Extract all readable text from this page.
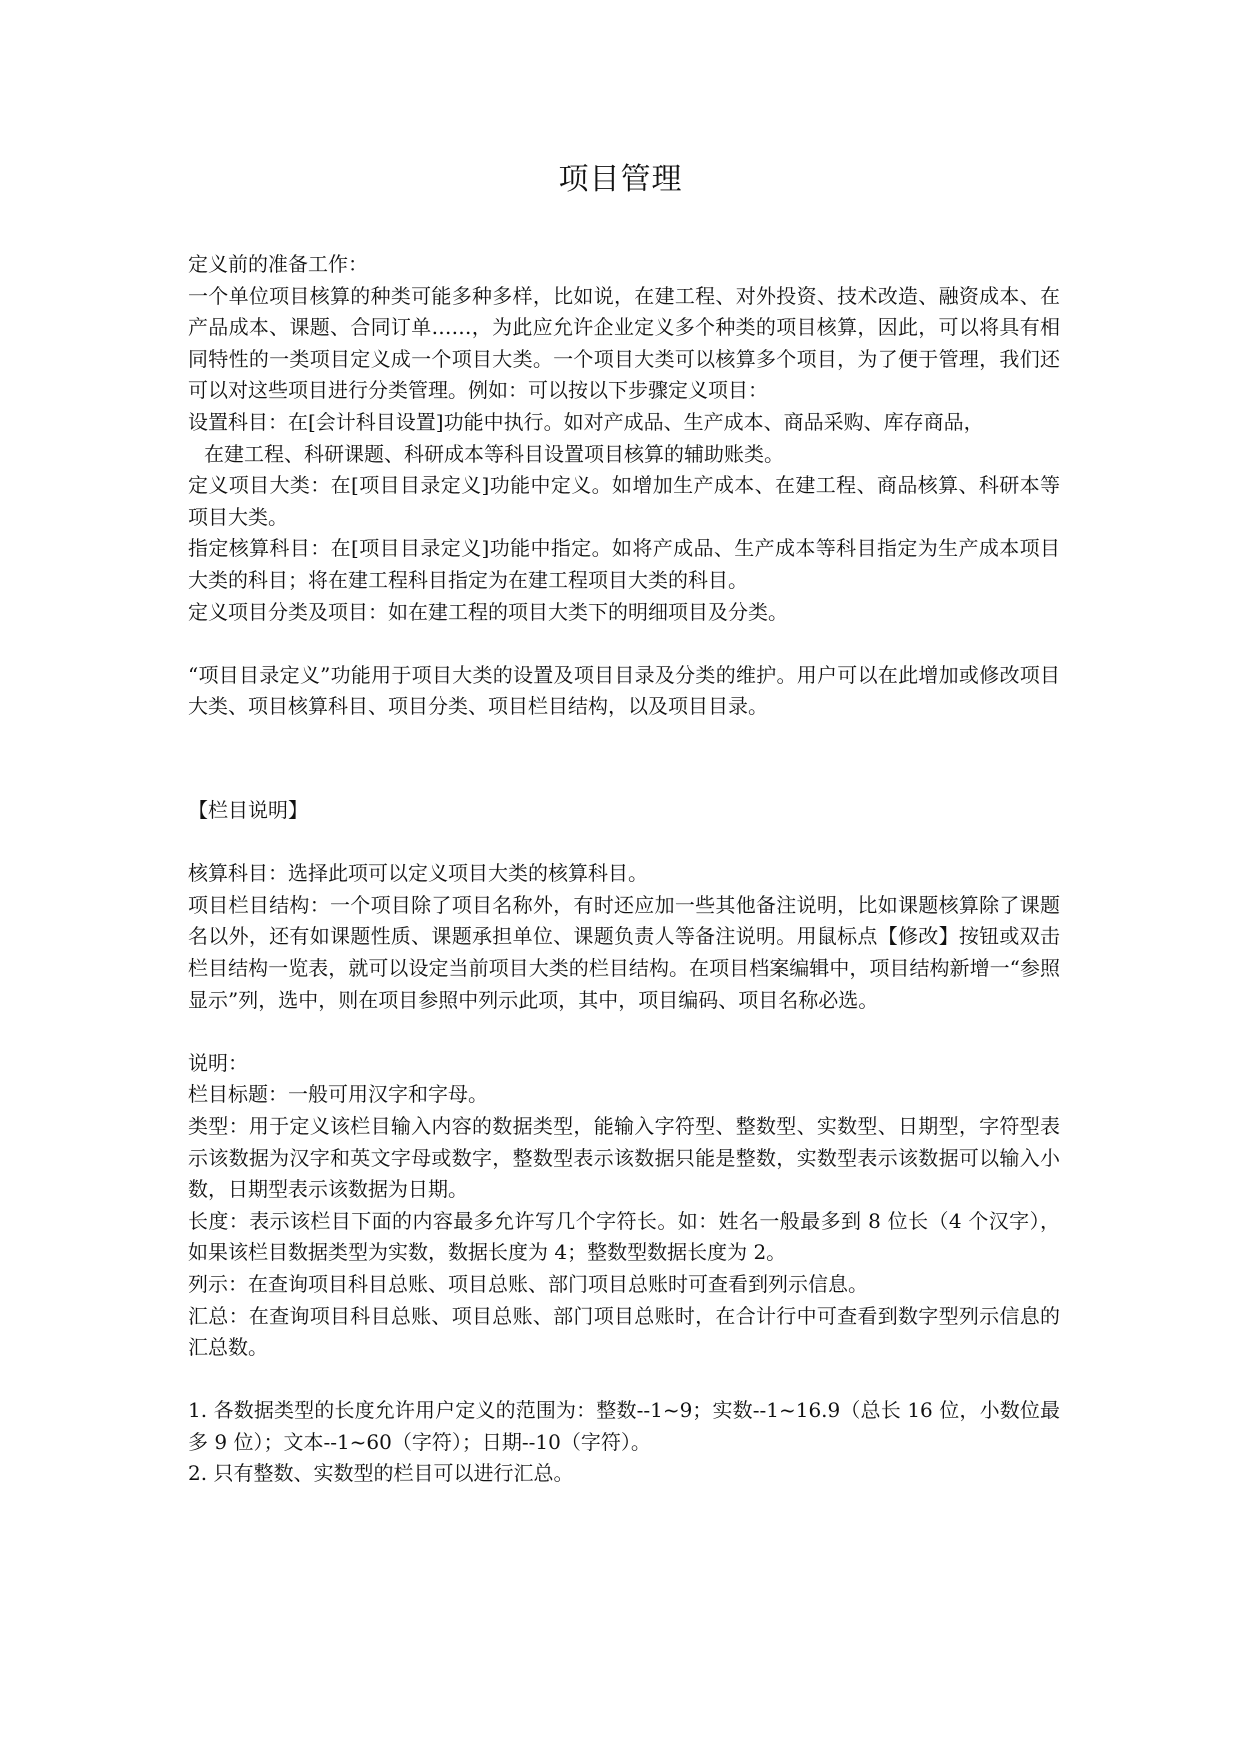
项目管理

定义前的准备工作：

一个单位项目核算的种类可能多种多样，比如说，在建工程、对外投资、技术改造、融资成本、在产品成本、课题、合同订单……，为此应允许企业定义多个种类的项目核算，因此，可以将具有相同特性的一类项目定义成一个项目大类。一个项目大类可以核算多个项目，为了便于管理，我们还可以对这些项目进行分类管理。例如：可以按以下步骤定义项目：

设置科目：在[会计科目设置]功能中执行。如对产成品、生产成本、商品采购、库存商品，

在建工程、科研课题、科研成本等科目设置项目核算的辅助账类。

定义项目大类：在[项目目录定义]功能中定义。如增加生产成本、在建工程、商品核算、科研本等项目大类。

指定核算科目：在[项目目录定义]功能中指定。如将产成品、生产成本等科目指定为生产成本项目大类的科目；将在建工程科目指定为在建工程项目大类的科目。

定义项目分类及项目：如在建工程的项目大类下的明细项目及分类。

“项目目录定义”功能用于项目大类的设置及项目目录及分类的维护。用户可以在此增加或修改项目大类、项目核算科目、项目分类、项目栏目结构，以及项目目录。

【栏目说明】

核算科目：选择此项可以定义项目大类的核算科目。

项目栏目结构：一个项目除了项目名称外，有时还应加一些其他备注说明，比如课题核算除了课题名以外，还有如课题性质、课题承担单位、课题负责人等备注说明。用鼠标点【修改】按钮或双击栏目结构一览表，就可以设定当前项目大类的栏目结构。在项目档案编辑中，项目结构新增一“参照显示”列，选中，则在项目参照中列示此项，其中，项目编码、项目名称必选。

说明：

栏目标题：一般可用汉字和字母。

类型：用于定义该栏目输入内容的数据类型，能输入字符型、整数型、实数型、日期型，字符型表示该数据为汉字和英文字母或数字，整数型表示该数据只能是整数，实数型表示该数据可以输入小数，日期型表示该数据为日期。

长度：表示该栏目下面的内容最多允许写几个字符长。如：姓名一般最多到 8 位长（4 个汉字），如果该栏目数据类型为实数，数据长度为 4；整数型数据长度为 2。

列示：在查询项目科目总账、项目总账、部门项目总账时可查看到列示信息。

汇总：在查询项目科目总账、项目总账、部门项目总账时，在合计行中可查看到数字型列示信息的汇总数。

1. 各数据类型的长度允许用户定义的范围为：整数--1~9；实数--1~16.9（总长 16 位，小数位最多 9 位）；文本--1~60（字符）；日期--10（字符）。

2. 只有整数、实数型的栏目可以进行汇总。
